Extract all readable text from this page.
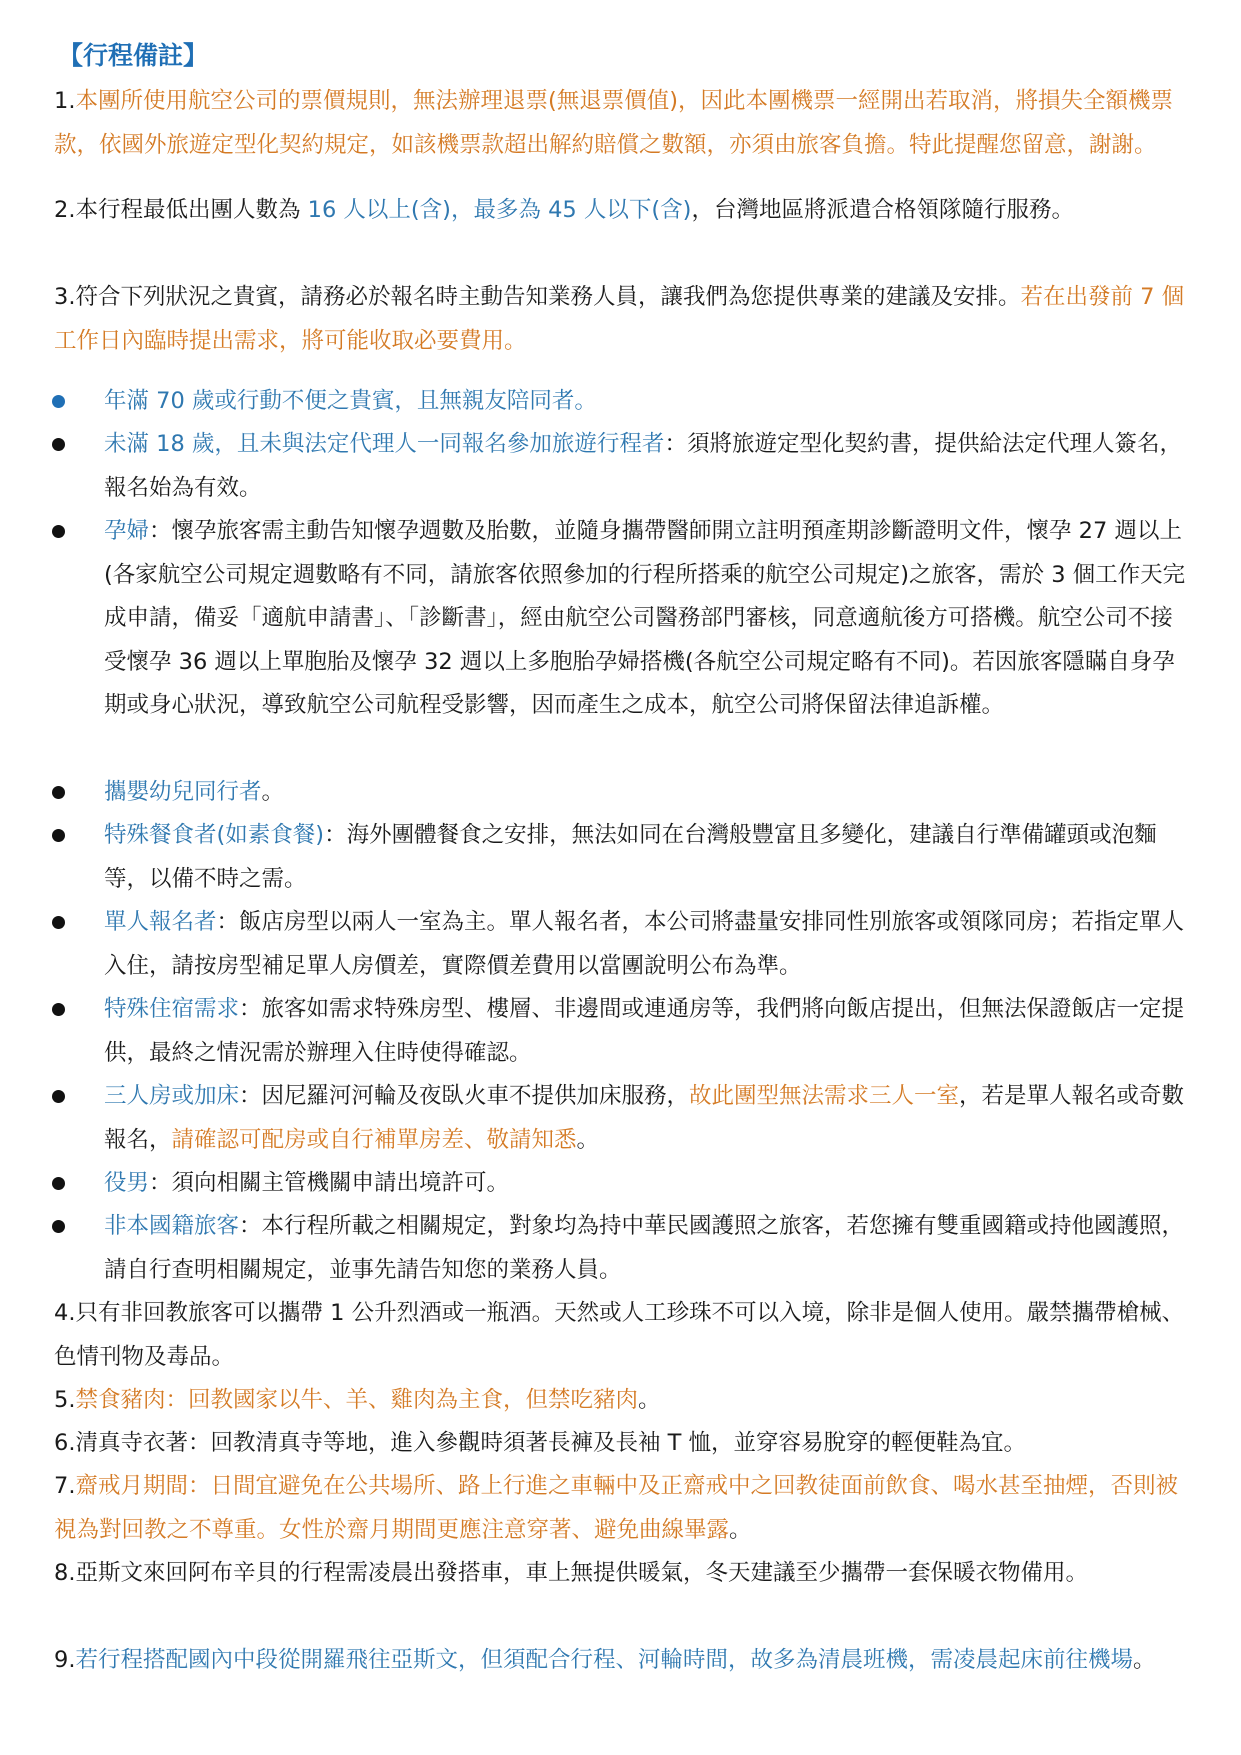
【行程備註】
1.本團所使用航空公司的票價規則，無法辦理退票(無退票價值)，因此本團機票一經開出若取消，將損失全額機票款，依國外旅遊定型化契約規定，如該機票款超出解約賠償之數額，亦須由旅客負擔。特此提醒您留意，謝謝。
2.本行程最低出團人數為 16 人以上(含)，最多為 45 人以下(含)，台灣地區將派遣合格領隊隨行服務。
3.符合下列狀況之貴賓，請務必於報名時主動告知業務人員，讓我們為您提供專業的建議及安排。若在出發前 7 個工作日內臨時提出需求，將可能收取必要費用。
年滿 70 歲或行動不便之貴賓，且無親友陪同者。
未滿 18 歲，且未與法定代理人一同報名參加旅遊行程者：須將旅遊定型化契約書，提供給法定代理人簽名，報名始為有效。
孕婦：懷孕旅客需主動告知懷孕週數及胎數，並隨身攜帶醫師開立註明預產期診斷證明文件，懷孕 27 週以上(各家航空公司規定週數略有不同，請旅客依照參加的行程所搭乘的航空公司規定)之旅客，需於 3 個工作天完成申請，備妥「適航申請書」、「診斷書」，經由航空公司醫務部門審核，同意適航後方可搭機。航空公司不接受懷孕 36 週以上單胞胎及懷孕 32 週以上多胞胎孕婦搭機(各航空公司規定略有不同)。若因旅客隱瞞自身孕期或身心狀況，導致航空公司航程受影響，因而產生之成本，航空公司將保留法律追訴權。
攜嬰幼兒同行者。
特殊餐食者(如素食餐)：海外團體餐食之安排，無法如同在台灣般豐富且多變化，建議自行準備罐頭或泡麵等，以備不時之需。
單人報名者：飯店房型以兩人一室為主。單人報名者，本公司將盡量安排同性別旅客或領隊同房；若指定單人入住，請按房型補足單人房價差，實際價差費用以當團說明公布為準。
特殊住宿需求：旅客如需求特殊房型、樓層、非邊間或連通房等，我們將向飯店提出，但無法保證飯店一定提供，最終之情況需於辦理入住時使得確認。
三人房或加床：因尼羅河河輪及夜臥火車不提供加床服務，故此團型無法需求三人一室，若是單人報名或奇數報名，請確認可配房或自行補單房差、敬請知悉。
役男：須向相關主管機關申請出境許可。
非本國籍旅客：本行程所載之相關規定，對象均為持中華民國護照之旅客，若您擁有雙重國籍或持他國護照，請自行查明相關規定，並事先請告知您的業務人員。
4.只有非回教旅客可以攜帶 1 公升烈酒或一瓶酒。天然或人工珍珠不可以入境，除非是個人使用。嚴禁攜帶槍械、色情刊物及毒品。
5.禁食豬肉：回教國家以牛、羊、雞肉為主食，但禁吃豬肉。
6.清真寺衣著：回教清真寺等地，進入參觀時須著長褲及長袖 T 恤，並穿容易脫穿的輕便鞋為宜。
7.齋戒月期間：日間宜避免在公共場所、路上行進之車輛中及正齋戒中之回教徒面前飲食、喝水甚至抽煙，否則被視為對回教之不尊重。女性於齋月期間更應注意穿著、避免曲線畢露。
8.亞斯文來回阿布辛貝的行程需凌晨出發搭車，車上無提供暖氣，冬天建議至少攜帶一套保暖衣物備用。
9.若行程搭配國內中段從開羅飛往亞斯文，但須配合行程、河輪時間，故多為清晨班機，需凌晨起床前往機場。
